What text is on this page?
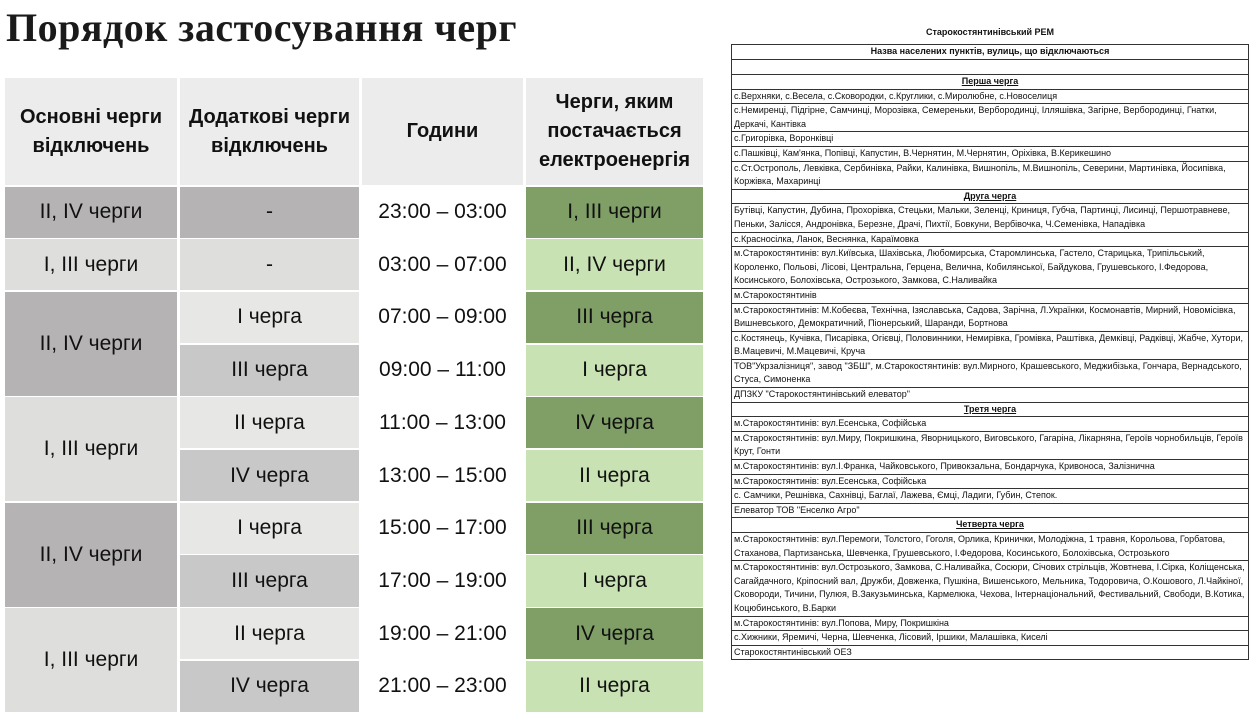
Порядок застосування черг
Основні черги відключень
Додаткові черги відключень
Години
Черги, яким постачається електроенергія
ІІ, ІV черги	-	23:00 – 03:00	І, ІІІ черги
І, ІІІ черги	-	03:00 – 07:00	ІІ, ІV черги
ІІ, ІV черги
І черга	07:00 – 09:00	ІІІ черга
ІІІ черга	09:00 – 11:00	І черга
І, ІІІ черги
ІІ черга	11:00 – 13:00	ІV черга
ІV черга	13:00 – 15:00	ІІ черга
ІІ, ІV черги
І черга	15:00 – 17:00	ІІІ черга
ІІІ черга	17:00 – 19:00	І черга
І, ІІІ черги
ІІ черга	19:00 – 21:00	ІV черга
ІV черга	21:00 – 23:00	ІІ черга
Старокостянтинівський РЕМ
Назва населених пунктів, вулиць, що відключаються

Перша черга
с.Верхняки, с.Весела, с.Сковородки, с.Круглики, с.Миролюбне, с.Новоселиця
с.Немиренці, Підгірне, Самчинці, Морозівка, Семереньки, Вербородинці, Ілляшівка, Загірне, Вербородинці, Гнатки, Деркачі, Кантівка
с.Григорівка, Воронківці
с.Пашківці, Кам'янка, Попівці, Капустин, В.Чернятин, М.Чернятин, Оріхівка, В.Керикешино
с.Ст.Острополь, Левківка, Сербинівка, Райки, Калинівка, Вишнопіль, М.Вишнопіль, Северини, Мартинівка, Йосипівка, Коржівка, Махаринці
Друга черга
Бутівці, Капустин, Дубина, Прохорівка, Стецьки, Мальки, Зеленці, Криниця, Губча, Партинці, Лисинці, Першотравневе, Пеньки, Залісся, Андронівка, Березне, Драчі, Пихтії, Бовкуни, Вербівочка, Ч.Семенівка, Нападівка
с.Красносілка, Ланок, Веснянка, Караїмовка
м.Старокостянтинів: вул.Київська, Шахівська, Любомирська, Старомлинська, Гастело, Старицька, Трипільський, Короленко, Польові, Лісові, Центральна, Герцена, Велична, Кобилянської, Байдукова, Грушевського, І.Федорова, Косинського, Болохівська, Острозького, Замкова, С.Наливайка
м.Старокостянтинів
м.Старокостянтинів: М.Кобеєва, Технічна, Ізяславська, Садова, Зарічна, Л.Українки, Космонавтів, Мирний, Новомісівка, Вишневського, Демократичний, Піонерський, Шаранди, Бортнова
с.Костянець, Кучівка, Писарівка, Огієвці, Половинники, Немирівка, Громівка, Раштівка, Демківці, Радківці, Жабче, Хутори, В.Мацевичі, М.Мацевичі, Круча
ТОВ"Укрзалізниця", завод "ЗБШ", м.Старокостянтинів: вул.Мирного, Крашевського, Меджибізька, Гончара, Вернадського, Стуса, Симоненка
ДПЗКУ "Старокостянтинівський елеватор"
Третя черга
м.Старокостянтинів: вул.Есенська, Софійська
м.Старокостянтинів: вул.Миру, Покришкина, Яворницького, Виговського, Гагаріна, Лікарняна, Героїв чорнобильців, Героїв Крут, Гонти
м.Старокостянтинів: вул.І.Франка, Чайковського, Привокзальна, Бондарчука, Кривоноса, Залізнична
м.Старокостянтинів: вул.Есенська, Софійська
с. Самчики, Решнівка, Сахнівці, Баглаї, Лажева, Ємці, Ладиги, Губин, Степок.
Елеватор ТОВ "Енселко Агро"
Четверта черга
м.Старокостянтинів: вул.Перемоги, Толстого, Гоголя, Орлика, Кринички, Молодіжна, 1 травня, Корольова, Горбатова, Стаханова, Партизанська, Шевченка, Грушевського, І.Федорова, Косинського, Болохівська, Острозького
м.Старокостянтинів: вул.Острозького, Замкова, С.Наливайка, Сосюри, Січових стрільців, Жовтнева, І.Сірка, Коліщенська, Сагайдачного, Кріпосний вал, Дружби, Довженка, Пушкіна, Вишенського, Мельника, Тодоровича, О.Кошового, Л.Чайкіної, Сковороди, Тичини, Пулюя, В.Закузьминська, Кармелюка, Чехова, Інтернаціональний, Фестивальний, Свободи, В.Котика, Коцюбинського, В.Барки
м.Старокостянтинів: вул.Попова, Миру, Покришкіна
с.Хижники, Яремичі, Черна, Шевченка, Лісовий, Іршики, Малашівка, Киселі
Старокостянтинівський ОЕЗ
